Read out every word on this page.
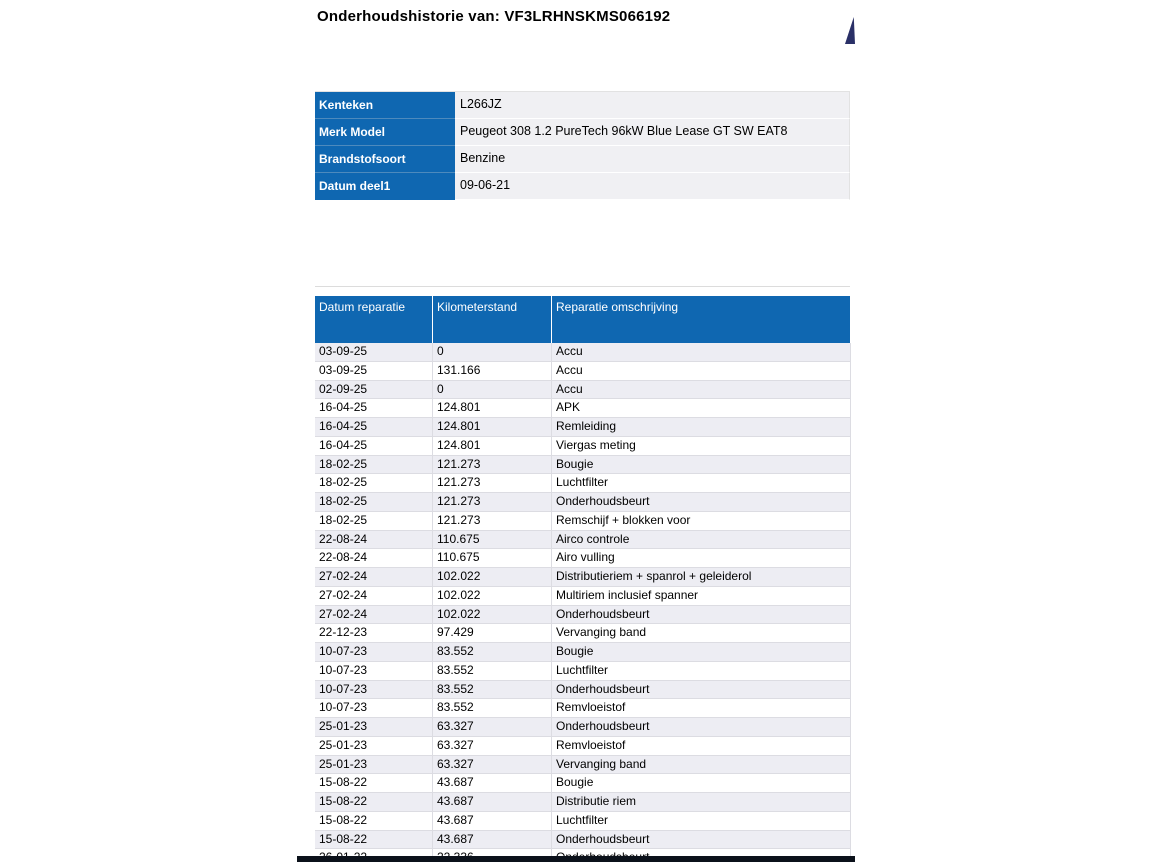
Onderhoudshistorie van: VF3LRHNSKMS066192
Kenteken	L266JZ
Merk Model	Peugeot 308 1.2 PureTech 96kW Blue Lease GT SW EAT8
Brandstofsoort	Benzine
Datum deel1	09-06-21
Datum reparatie	Kilometerstand	Reparatie omschrijving
03-09-25	0	Accu
03-09-25	131.166	Accu
02-09-25	0	Accu
16-04-25	124.801	APK
16-04-25	124.801	Remleiding
16-04-25	124.801	Viergas meting
18-02-25	121.273	Bougie
18-02-25	121.273	Luchtfilter
18-02-25	121.273	Onderhoudsbeurt
18-02-25	121.273	Remschijf + blokken voor
22-08-24	110.675	Airco controle
22-08-24	110.675	Airo vulling
27-02-24	102.022	Distributieriem + spanrol + geleiderol
27-02-24	102.022	Multiriem inclusief spanner
27-02-24	102.022	Onderhoudsbeurt
22-12-23	97.429	Vervanging band
10-07-23	83.552	Bougie
10-07-23	83.552	Luchtfilter
10-07-23	83.552	Onderhoudsbeurt
10-07-23	83.552	Remvloeistof
25-01-23	63.327	Onderhoudsbeurt
25-01-23	63.327	Remvloeistof
25-01-23	63.327	Vervanging band
15-08-22	43.687	Bougie
15-08-22	43.687	Distributie riem
15-08-22	43.687	Luchtfilter
15-08-22	43.687	Onderhoudsbeurt
